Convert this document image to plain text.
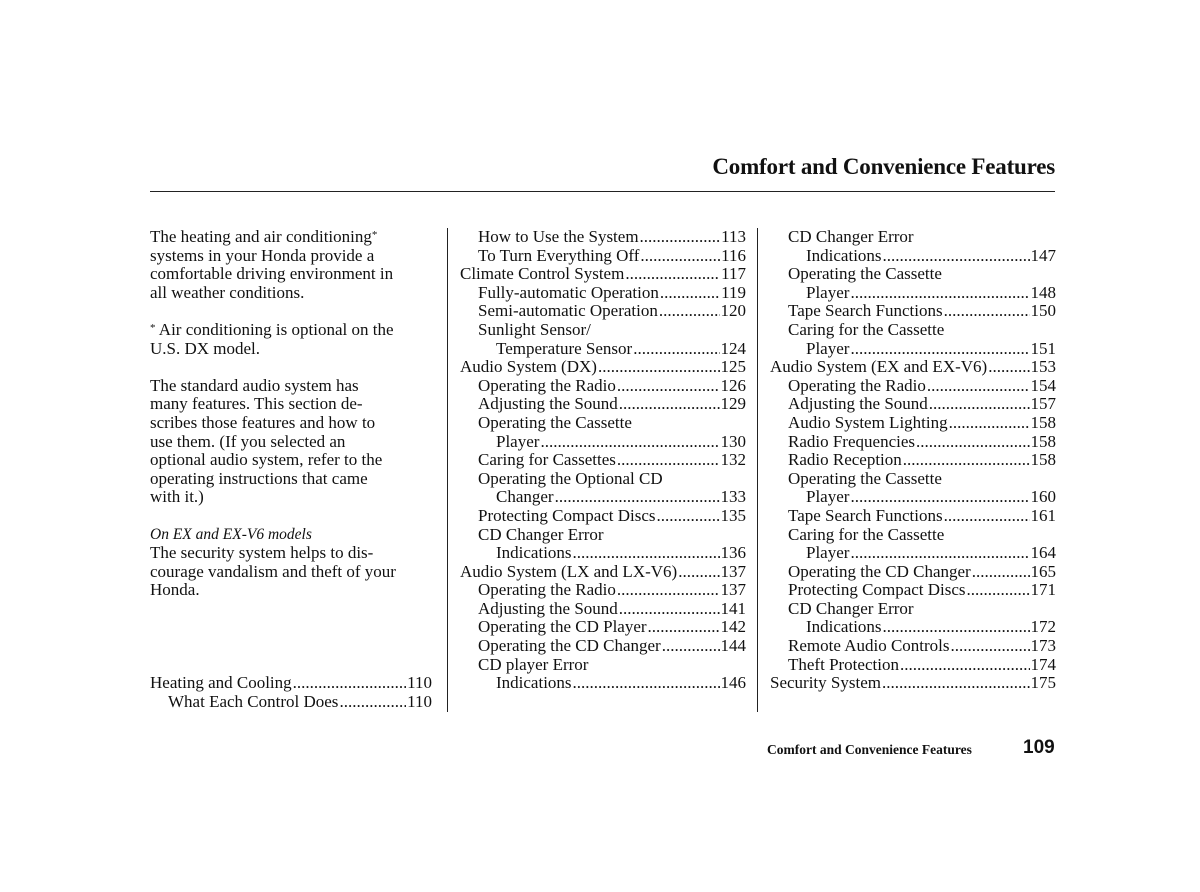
Comfort and Convenience Features
The heating and air conditioning*
systems in your Honda provide a
comfortable driving environment in
all weather conditions.
* Air conditioning is optional on the
U.S. DX model.
The standard audio system has
many features. This section de-
scribes those features and how to
use them. (If you selected an
optional audio system, refer to the
operating instructions that came
with it.)
On EX and EX-V6 models
The security system helps to dis-
courage vandalism and theft of your
Honda.
Heating and Cooling .....	110
What Each Control Does .....	110
How to Use the System .....	113
To Turn Everything Off .....	116
Climate Control System .....	117
Fully-automatic Operation .....	119
Semi-automatic Operation .....	120
Sunlight Sensor/
Temperature Sensor .....	124
Audio System (DX) .....	125
Operating the Radio .....	126
Adjusting the Sound .....	129
Operating the Cassette
Player .....	130
Caring for Cassettes .....	132
Operating the Optional CD
Changer .....	133
Protecting Compact Discs .....	135
CD Changer Error
Indications .....	136
Audio System (LX and LX-V6) .....	137
Operating the Radio .....	137
Adjusting the Sound .....	141
Operating the CD Player .....	142
Operating the CD Changer .....	144
CD player Error
Indications .....	146
CD Changer Error
Indications .....	147
Operating the Cassette
Player .....	148
Tape Search Functions .....	150
Caring for the Cassette
Player .....	151
Audio System (EX and EX-V6) .....	153
Operating the Radio .....	154
Adjusting the Sound .....	157
Audio System Lighting .....	158
Radio Frequencies .....	158
Radio Reception .....	158
Operating the Cassette
Player .....	160
Tape Search Functions .....	161
Caring for the Cassette
Player .....	164
Operating the CD Changer .....	165
Protecting Compact Discs .....	171
CD Changer Error
Indications .....	172
Remote Audio Controls .....	173
Theft Protection .....	174
Security System .....	175
Comfort and Convenience Features	109
